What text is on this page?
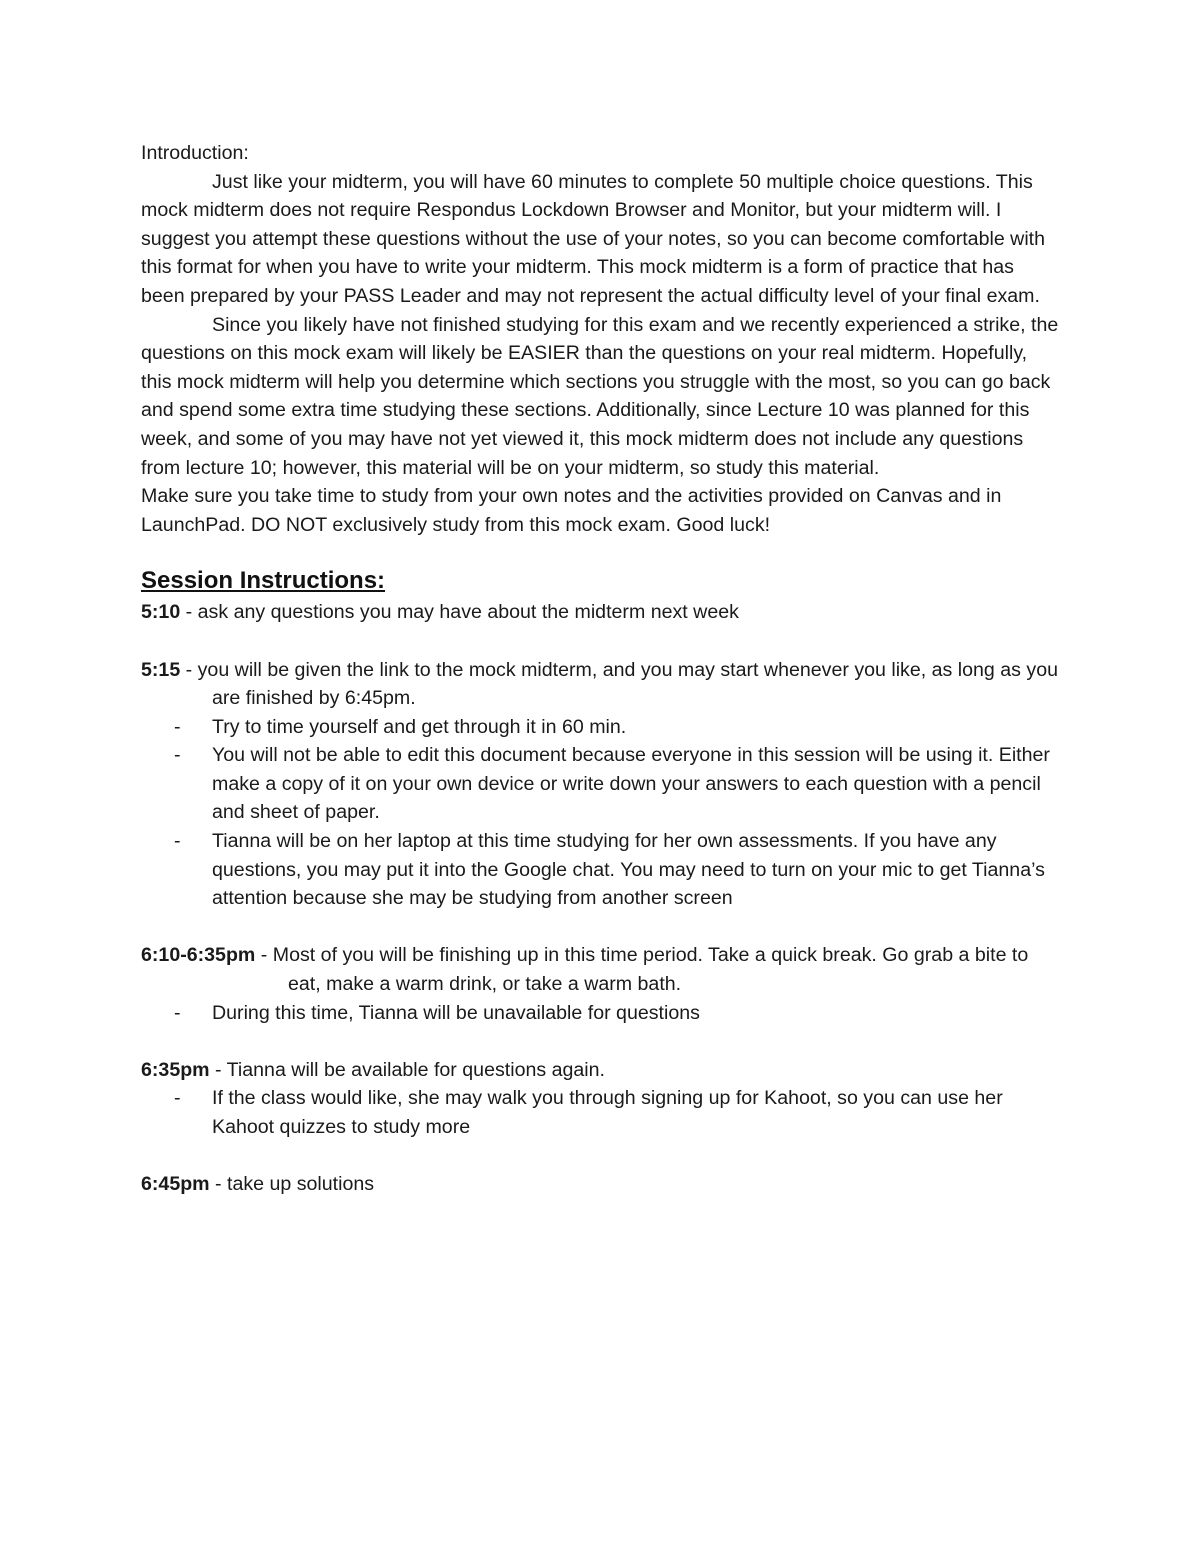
Introduction:

Just like your midterm, you will have 60 minutes to complete 50 multiple choice questions. This mock midterm does not require Respondus Lockdown Browser and Monitor, but your midterm will. I suggest you attempt these questions without the use of your notes, so you can become comfortable with this format for when you have to write your midterm. This mock midterm is a form of practice that has been prepared by your PASS Leader and may not represent the actual difficulty level of your final exam.

Since you likely have not finished studying for this exam and we recently experienced a strike, the questions on this mock exam will likely be EASIER than the questions on your real midterm. Hopefully, this mock midterm will help you determine which sections you struggle with the most, so you can go back and spend some extra time studying these sections. Additionally, since Lecture 10 was planned for this week, and some of you may have not yet viewed it, this mock midterm does not include any questions from lecture 10; however, this material will be on your midterm, so study this material.

Make sure you take time to study from your own notes and the activities provided on Canvas and in LaunchPad. DO NOT exclusively study from this mock exam. Good luck!

Session Instructions:

5:10 - ask any questions you may have about the midterm next week

5:15 - you will be given the link to the mock midterm, and you may start whenever you like, as long as you are finished by 6:45pm.

- Try to time yourself and get through it in 60 min.
- You will not be able to edit this document because everyone in this session will be using it. Either make a copy of it on your own device or write down your answers to each question with a pencil and sheet of paper.
- Tianna will be on her laptop at this time studying for her own assessments. If you have any questions, you may put it into the Google chat. You may need to turn on your mic to get Tianna’s attention because she may be studying from another screen

6:10-6:35pm - Most of you will be finishing up in this time period. Take a quick break. Go grab a bite to eat, make a warm drink, or take a warm bath.

- During this time, Tianna will be unavailable for questions

6:35pm - Tianna will be available for questions again.

- If the class would like, she may walk you through signing up for Kahoot, so you can use her Kahoot quizzes to study more

6:45pm - take up solutions
